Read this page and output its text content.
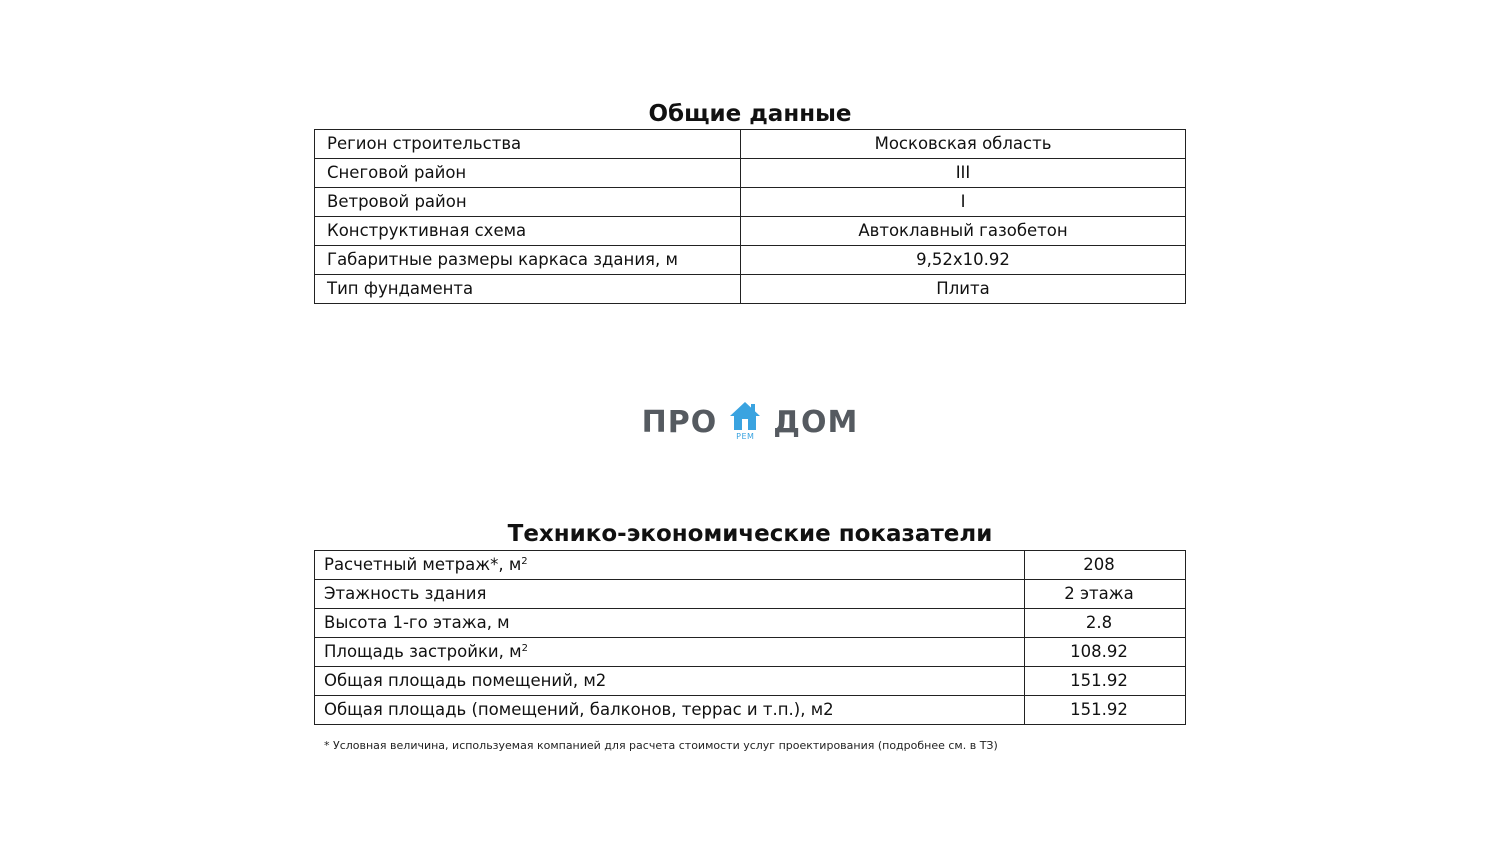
Общие данные
Регион строительства	Московская область
Снеговой район	III
Ветровой район	I
Конструктивная схема	Автоклавный газобетон
Габаритные размеры каркаса здания, м	9,52x10.92
Тип фундамента	Плита
ПРО	РЕМ ДОМ
Технико-экономические показатели
Расчетный метраж*, $м^2$	208
Этажность здания	2 этажа
Высота 1-го этажа, м	2.8
Площадь застройки, $м^2$	108.92
Общая площадь помещений, м2	151.92
Общая площадь (помещений, балконов, террас и т.п.), м2	151.92
* Условная величина, используемая компанией для расчета стоимости услуг проектирования (подробнее см. в ТЗ)
